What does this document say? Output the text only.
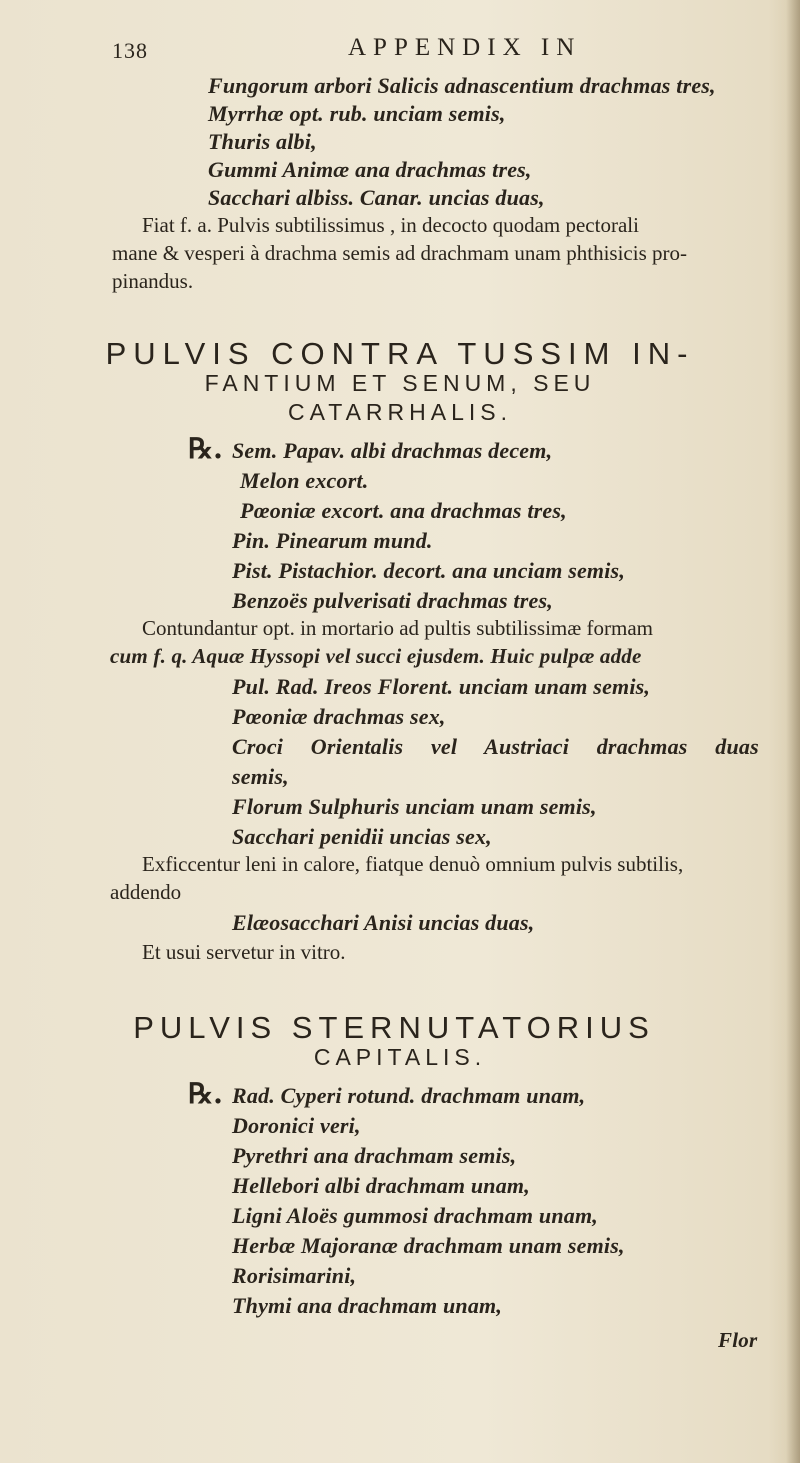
138	APPENDIX IN
Fungorum arbori Salicis adnascentium drachmas tres,
Myrrhæ opt. rub. unciam semis,
Thuris albi,
Gummi Animæ ana drachmas tres,
Sacchari albiss. Canar. uncias duas,
Fiat f. a. Pulvis subtilissimus , in decocto quodam pectorali
mane & vesperi à drachma semis ad drachmam unam phthisicis pro-
pinandus.
PULVIS CONTRA TUSSIM IN-
FANTIUM ET SENUM, SEU
CATARRHALIS.
℞. Sem. Papav. albi drachmas decem,
Melon excort.
Pœoniæ excort. ana drachmas tres,
Pin. Pinearum mund.
Pist. Pistachior. decort. ana unciam semis,
Benzoës pulverisati drachmas tres,
Contundantur opt. in mortario ad pultis subtilissimæ formam
cum f. q. Aquæ Hyssopi vel succi ejusdem. Huic pulpæ adde
Pul. Rad. Ireos Florent. unciam unam semis,
Pœoniæ drachmas sex,
Croci Orientalis vel Austriaci drachmas duas
semis,
Florum Sulphuris unciam unam semis,
Sacchari penidii uncias sex,
Exficcentur leni in calore, fiatque denuò omnium pulvis subtilis,
addendo
Elæosacchari Anisi uncias duas,
Et usui servetur in vitro.
PULVIS STERNUTATORIUS
CAPITALIS.
℞. Rad. Cyperi rotund. drachmam unam,
Doronici veri,
Pyrethri ana drachmam semis,
Hellebori albi drachmam unam,
Ligni Aloës gummosi drachmam unam,
Herbæ Majoranæ drachmam unam semis,
Rorisimarini,
Thymi ana drachmam unam,
Flor
